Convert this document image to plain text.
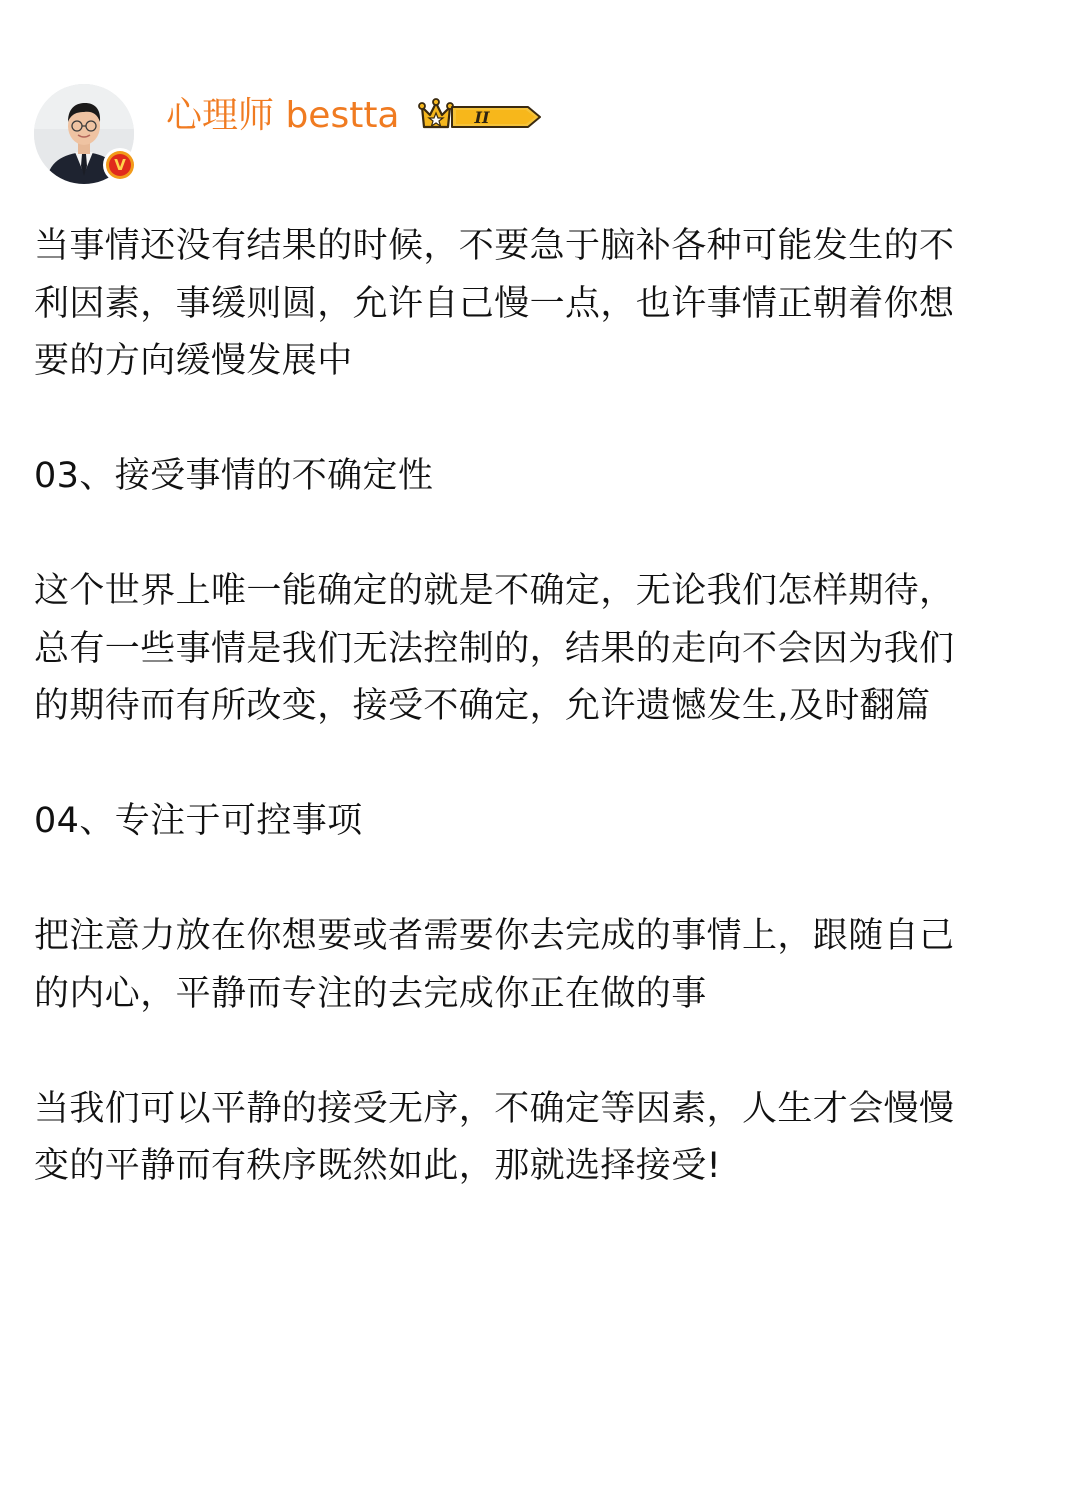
V
心理师 bestta	II

当事情还没有结果的时候，不要急于脑补各种可能发生的不
利因素，事缓则圆，允许自己慢一点，也许事情正朝着你想
要的方向缓慢发展中

03、接受事情的不确定性

这个世界上唯一能确定的就是不确定，无论我们怎样期待，
总有一些事情是我们无法控制的，结果的走向不会因为我们
的期待而有所改变，接受不确定，允许遗憾发生,及时翻篇

04、专注于可控事项

把注意力放在你想要或者需要你去完成的事情上，跟随自己
的内心，平静而专注的去完成你正在做的事

当我们可以平静的接受无序，不确定等因素，人生才会慢慢
变的平静而有秩序既然如此，那就选择接受!
